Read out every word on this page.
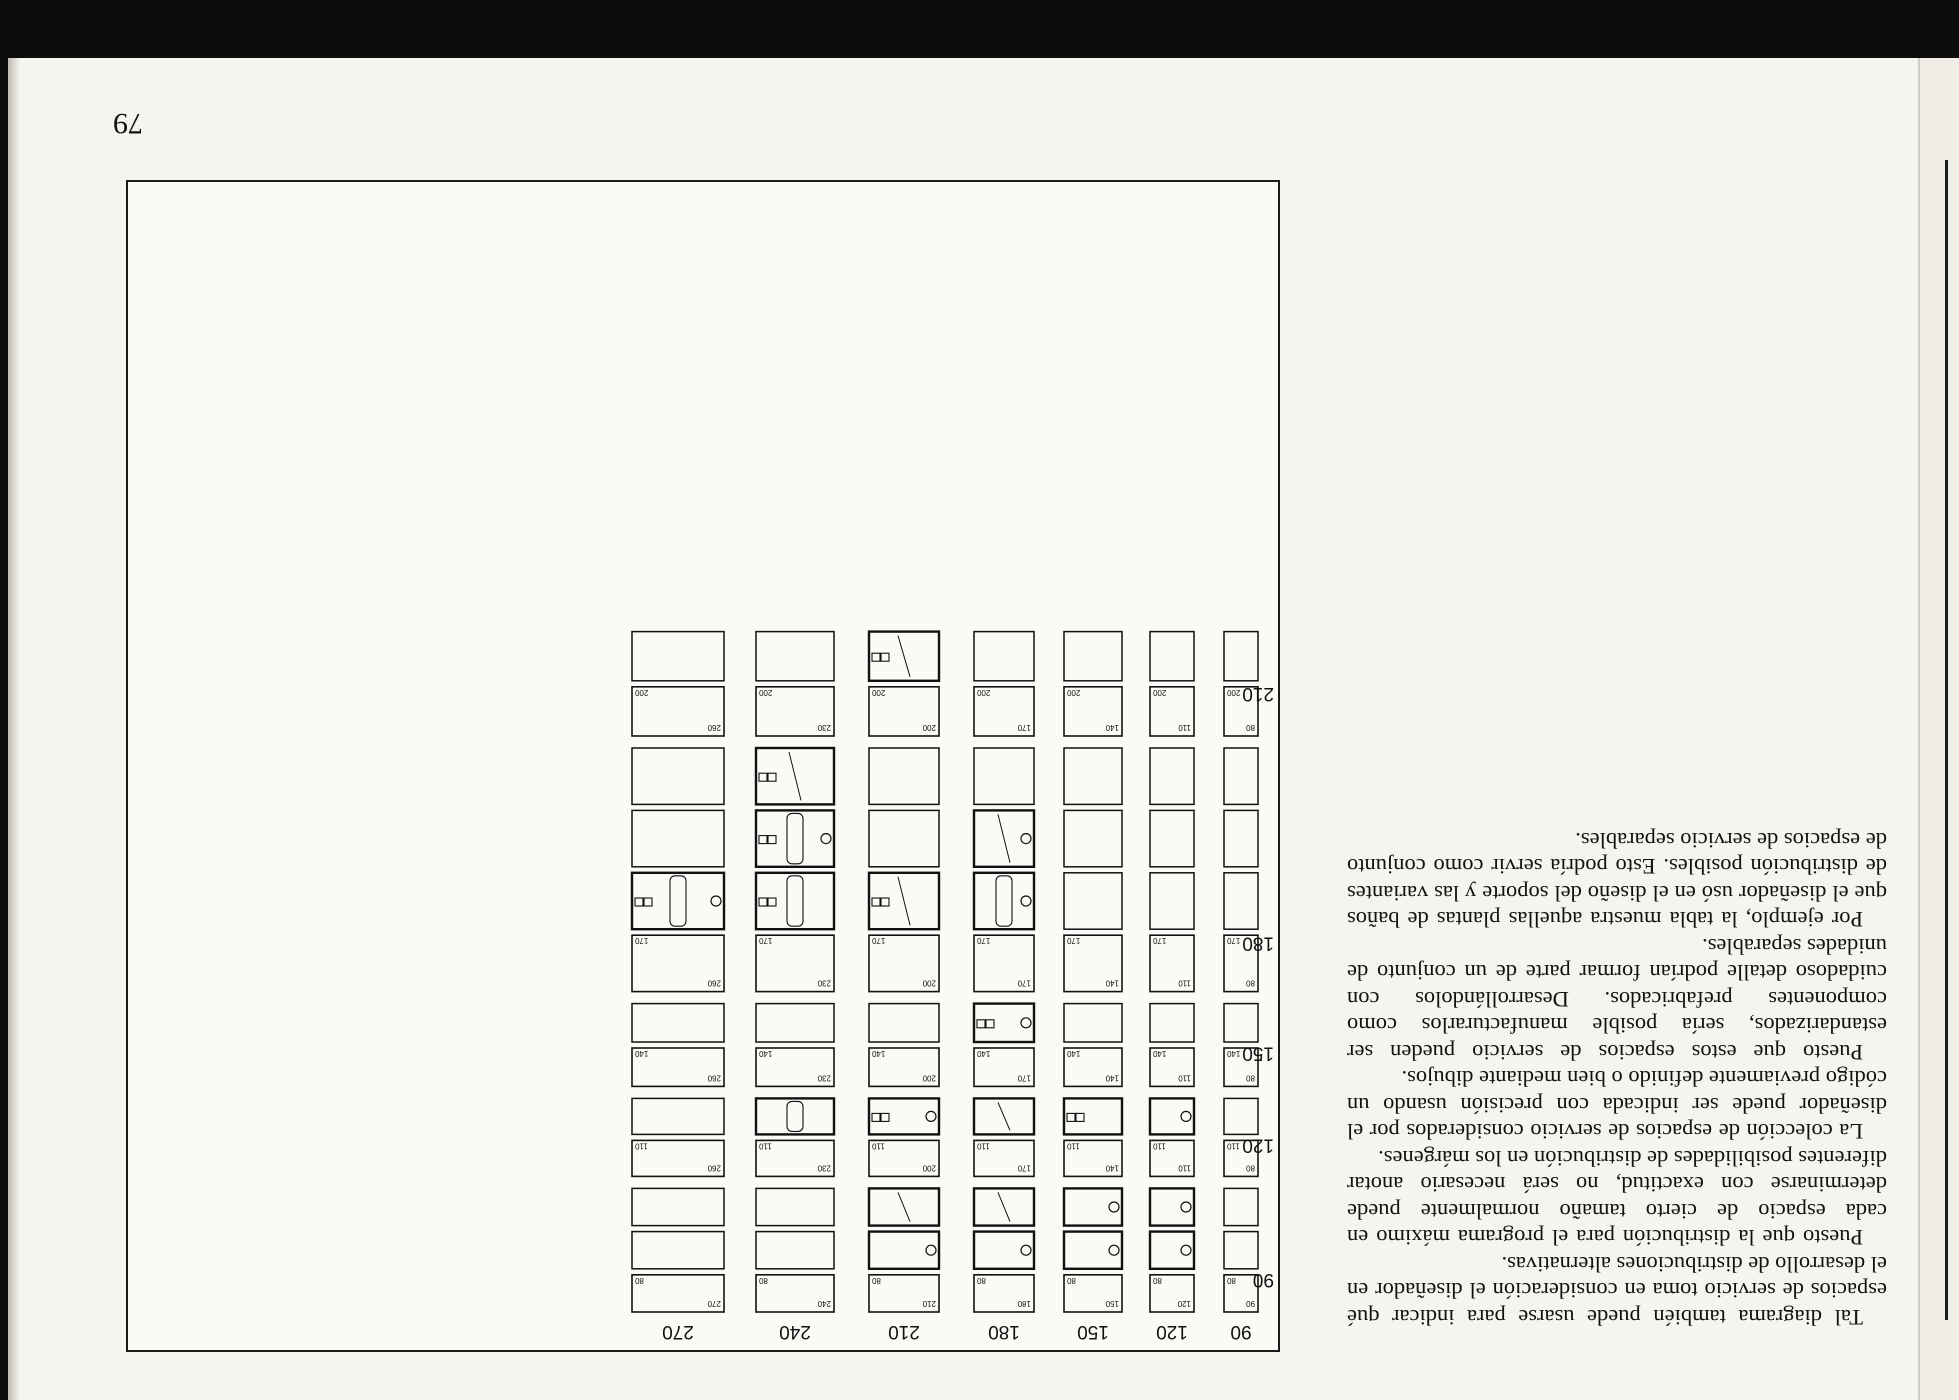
79

Tal diagrama también puede usarse para indicar qué espacios de servicio toma en consideración el diseñador en el desarrollo de distribuciones alternativas.

Puesto que la distribución para el programa máximo en cada espacio de cierto tamaño normalmente puede determinarse con exactitud, no será necesario anotar diferentes posibilidades de distribución en los márgenes.

La colección de espacios de servicio considerados por el diseñador puede ser indicada con precisión usando un código previamente definido o bien mediante dibujos.

Puesto que estos espacios de servicio pueden ser estandarizados, sería posible manufacturarlos como componentes prefabricados. Desarrollándolos con cuidadoso detalle podrían formar parte de un conjunto de unidades separables.

Por ejemplo, la tabla muestra aquellas plantas de baños que el diseñador usó en el diseño del soporte y las variantes de distribución posibles. Esto podría servir como conjunto de espacios de servicio separables.

90
120
150
180
210
240
270
90
90
80
120
80
150
80
180
80
210
80
240
80
270
80
120
80
110
110
110
140
110
170
110
200
110
230
110
260
110
150
80
140
110
140
140
140
170
140
200
140
230
140
260
140
180
80
170
110
170
140
170
170
170
200
170
230
170
260
170
210
80
200
110
200
140
200
170
200
200
200
230
200
260
200
